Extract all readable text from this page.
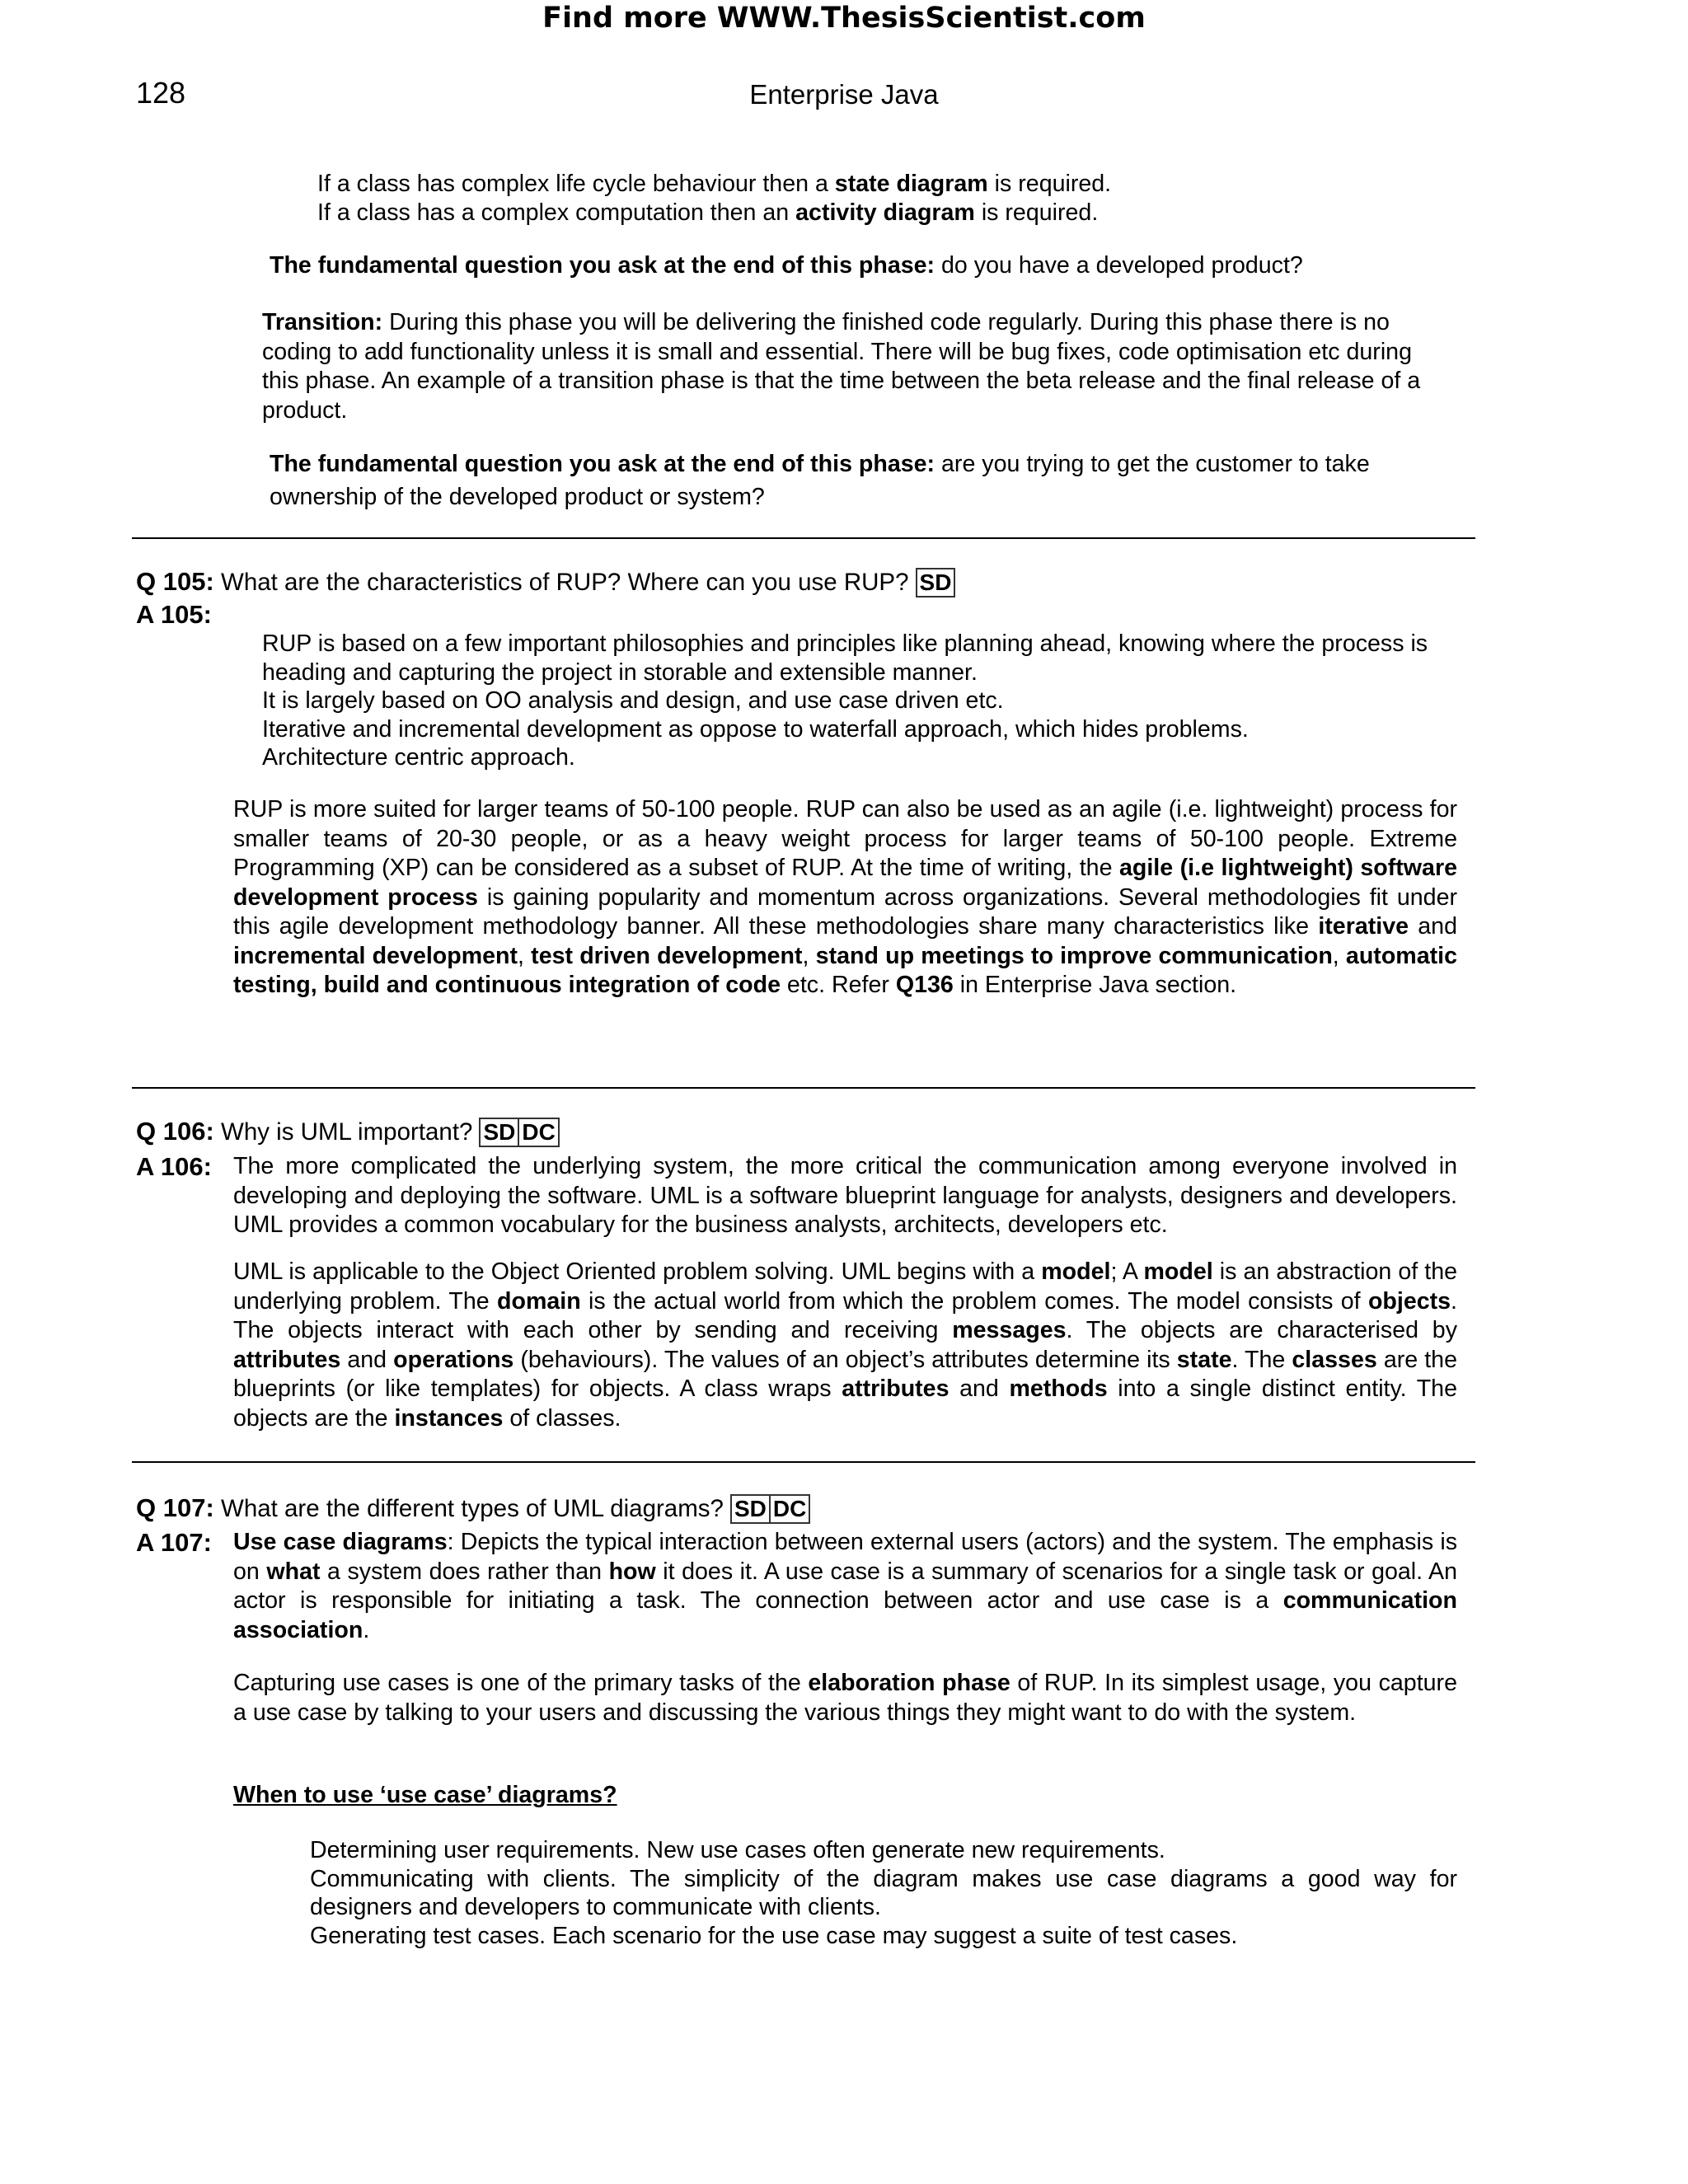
Find more WWW.ThesisScientist.com
128	Enterprise Java
If a class has complex life cycle behaviour then a state diagram is required.
If a class has a complex computation then an activity diagram is required.
The fundamental question you ask at the end of this phase: do you have a developed product?
Transition: During this phase you will be delivering the finished code regularly. During this phase there is no coding to add functionality unless it is small and essential. There will be bug fixes, code optimisation etc during this phase. An example of a transition phase is that the time between the beta release and the final release of a product.
The fundamental question you ask at the end of this phase: are you trying to get the customer to take ownership of the developed product or system?
Q 105: What are the characteristics of RUP? Where can you use RUP? SD
A 105:

RUP is based on a few important philosophies and principles like planning ahead, knowing where the process is heading and capturing the project in storable and extensible manner.

It is largely based on OO analysis and design, and use case driven etc.

Iterative and incremental development as oppose to waterfall approach, which hides problems.

Architecture centric approach.

RUP is more suited for larger teams of 50-100 people. RUP can also be used as an agile (i.e. lightweight) process for smaller teams of 20-30 people, or as a heavy weight process for larger teams of 50-100 people. Extreme Programming (XP) can be considered as a subset of RUP. At the time of writing, the agile (i.e lightweight) software development process is gaining popularity and momentum across organizations. Several methodologies fit under this agile development methodology banner. All these methodologies share many characteristics like iterative and incremental development, test driven development, stand up meetings to improve communication, automatic testing, build and continuous integration of code etc. Refer Q136 in Enterprise Java section.
Q 106: Why is UML important? SD DC
A 106: The more complicated the underlying system, the more critical the communication among everyone involved in developing and deploying the software. UML is a software blueprint language for analysts, designers and developers. UML provides a common vocabulary for the business analysts, architects, developers etc.
UML is applicable to the Object Oriented problem solving. UML begins with a model; A model is an abstraction of the underlying problem. The domain is the actual world from which the problem comes. The model consists of objects. The objects interact with each other by sending and receiving messages. The objects are characterised by attributes and operations (behaviours). The values of an object’s attributes determine its state. The classes are the blueprints (or like templates) for objects. A class wraps attributes and methods into a single distinct entity. The objects are the instances of classes.
Q 107: What are the different types of UML diagrams? SD DC
A 107: Use case diagrams: Depicts the typical interaction between external users (actors) and the system. The emphasis is on what a system does rather than how it does it. A use case is a summary of scenarios for a single task or goal. An actor is responsible for initiating a task. The connection between actor and use case is a communication association.
Capturing use cases is one of the primary tasks of the elaboration phase of RUP. In its simplest usage, you capture a use case by talking to your users and discussing the various things they might want to do with the system.
When to use ‘use case’ diagrams?

Determining user requirements. New use cases often generate new requirements.

Communicating with clients. The simplicity of the diagram makes use case diagrams a good way for designers and developers to communicate with clients.

Generating test cases. Each scenario for the use case may suggest a suite of test cases.
